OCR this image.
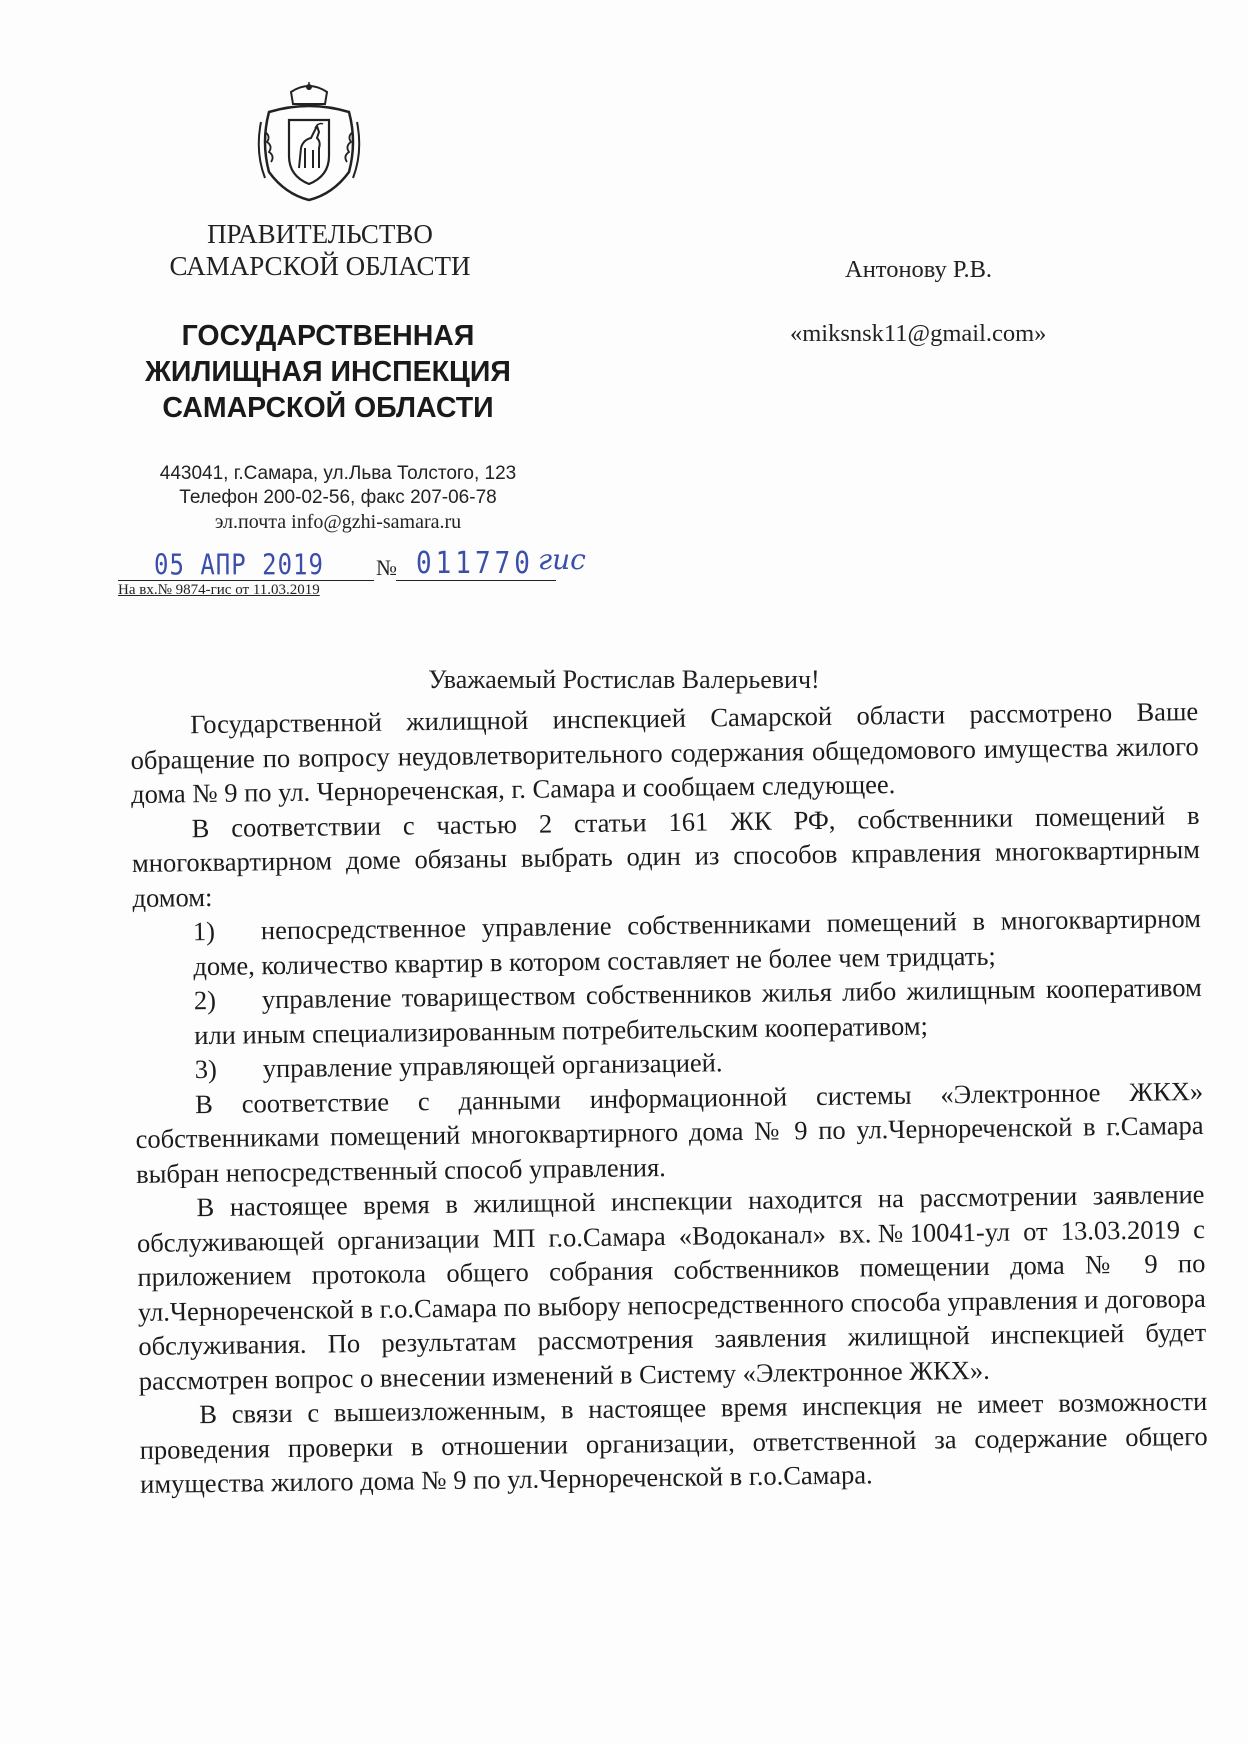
ПРАВИТЕЛЬСТВО
САМАРСКОЙ ОБЛАСТИ
ГОСУДАРСТВЕННАЯ
ЖИЛИЩНАЯ ИНСПЕКЦИЯ
САМАРСКОЙ ОБЛАСТИ
443041, г.Самара, ул.Льва Толстого, 123
Телефон 200-02-56, факс 207-06-78
эл.почта info@gzhi-samara.ru
05 АПР 2019 № 011770 гис
На вх.№ 9874-гис от 11.03.2019
Антонову Р.В.
«miksnsk11@gmail.com»
Уважаемый Ростислав Валерьевич!

Государственной жилищной инспекцией Самарской области рассмотрено Ваше обращение по вопросу неудовлетворительного содержания общедомового имущества жилого дома № 9 по ул. Черноречeнская, г. Самара и сообщаем следующее.

В соответствии с частью 2 статьи 161 ЖК РФ, собственники помещений в многоквартирном доме обязаны выбрать один из способов кправления многоквартирным домом:

1) непосредственное управление собственниками помещений в многоквартирном доме, количество квартир в котором составляет не более чем тридцать;

2) управление товариществом собственников жилья либо жилищным кооперативом или иным специализированным потребительским кооперативом;

3) управление управляющей организацией.

В соответствие с данными информационной системы «Электронное ЖКХ» собственниками помещений многоквартирного дома № 9 по ул.Черноречeнской в г.Самара выбран непосредственный способ управления.

В настоящее время в жилищной инспекции находится на рассмотрении заявление обслуживающей организации МП г.о.Самара «Водоканал» вх.№10041-ул от 13.03.2019 с приложением протокола общего собрания собственников помещении дома № 9 по ул.Черноречeнской в г.о.Самара по выбору непосредственного способа управления и договора обслуживания. По результатам рассмотрения заявления жилищной инспекцией будет рассмотрен вопрос о внесении изменений в Систему «Электронное ЖКХ».

В связи с вышеизложенным, в настоящее время инспекция не имеет возможности проведения проверки в отношении организации, ответственной за содержание общего имущества жилого дома № 9 по ул.Черноречeнской в г.о.Самара.
